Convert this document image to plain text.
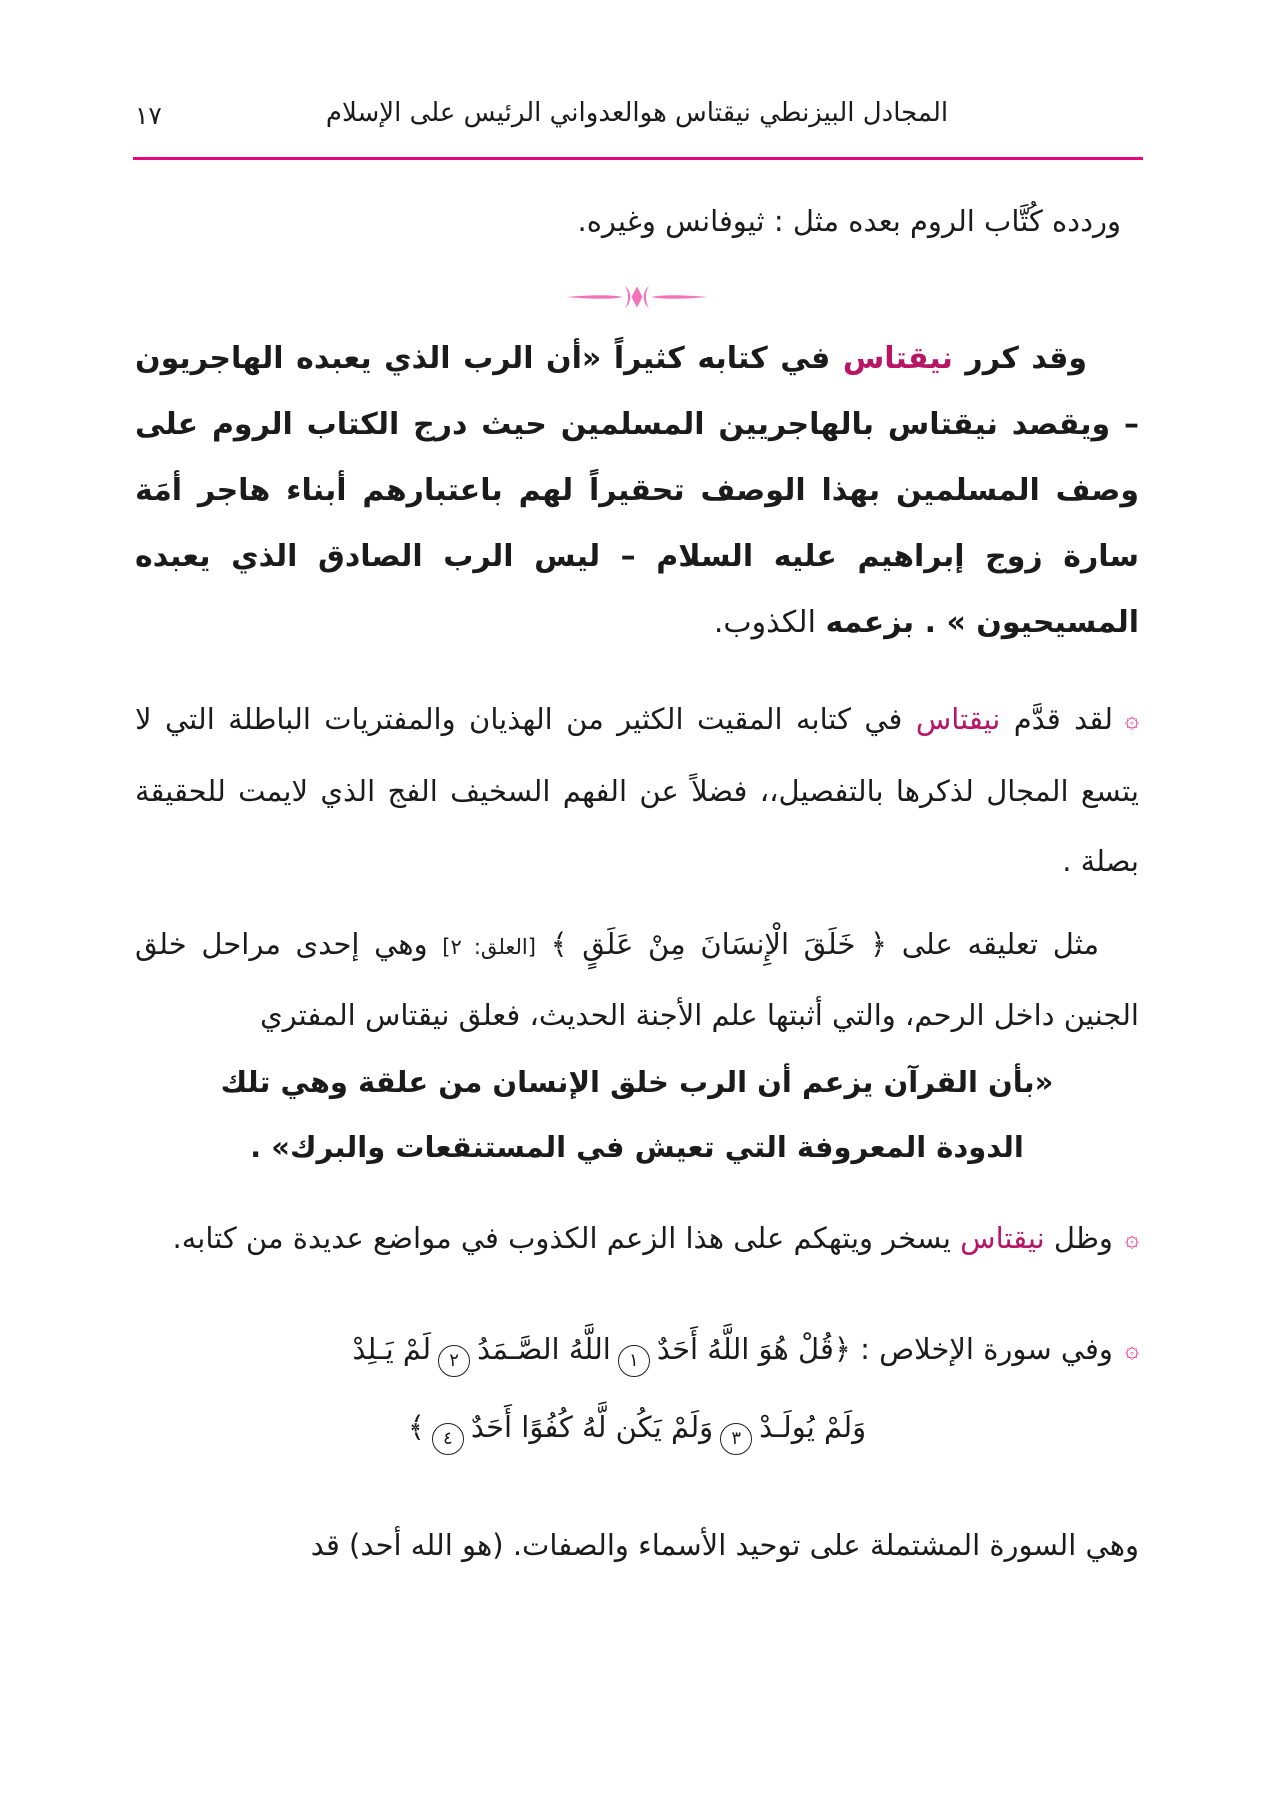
١٧	المجادل البيزنطي نيقتاس هوالعدواني الرئيس على الإسلام

وردده كُتَّاب الروم بعده مثل : ثيوفانس وغيره.

وقد كرر نيقتاس في كتابه كثيراً «أن الرب الذي يعبده الهاجريون – ويقصد نيقتاس بالهاجريين المسلمين حيث درج الكتاب الروم على وصف المسلمين بهذا الوصف تحقيراً لهم باعتبارهم أبناء هاجر أمَة سارة زوج إبراهيم عليه السلام – ليس الرب الصادق الذي يعبده المسيحيون » . بزعمه الكذوب.

۞لقد قدَّم نيقتاس في كتابه المقيت الكثير من الهذيان والمفتريات الباطلة التي لا يتسع المجال لذكرها بالتفصيل،، فضلاً عن الفهم السخيف الفج الذي لايمت للحقيقة بصلة .

مثل تعليقه على ﴿ خَلَقَ الْإِنسَانَ مِنْ عَلَقٍ ﴾ [العلق: ٢] وهي إحدى مراحل خلق الجنين داخل الرحم، والتي أثبتها علم الأجنة الحديث، فعلق نيقتاس المفتري

«بأن القرآن يزعم أن الرب خلق الإنسان من علقة وهي تلك

الدودة المعروفة التي تعيش في المستنقعات والبرك» .

۞وظل نيقتاس يسخر ويتهكم على هذا الزعم الكذوب في مواضع عديدة من كتابه.

۞وفي سورة الإخلاص : ﴿قُلْ هُوَ اللَّهُ أَحَدٌ١اللَّهُ الصَّـمَدُ٢لَمْ يَـلِدْ
وَلَمْ يُولَـدْ٣وَلَمْ يَكُن لَّهُ كُفُوًا أَحَدٌ٤﴾

وهي السورة المشتملة على توحيد الأسماء والصفات. (هو الله أحد) قد
